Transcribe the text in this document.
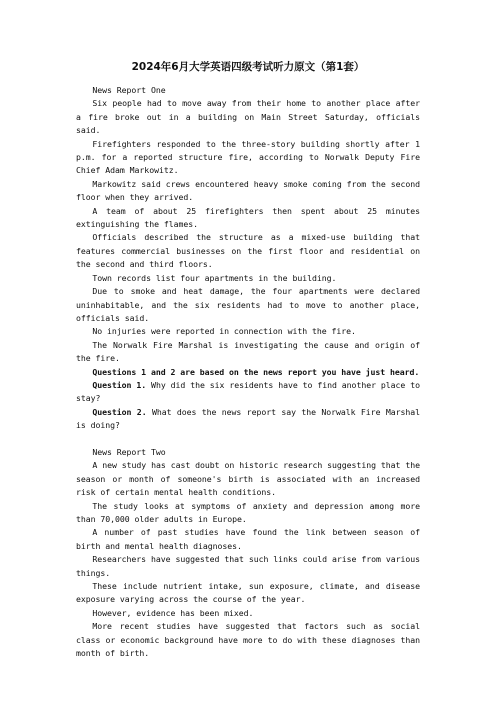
2024年6月大学英语四级考试听力原文（第1套）

News Report One

Six people had to move away from their home to another place after a fire broke out in a building on Main Street Saturday, officials said.

Firefighters responded to the three-story building shortly after 1 p.m. for a reported structure fire, according to Norwalk Deputy Fire Chief Adam Markowitz.

Markowitz said crews encountered heavy smoke coming from the second floor when they arrived.

A team of about 25 firefighters then spent about 25 minutes extinguishing the flames.

Officials described the structure as a mixed-use building that features commercial businesses on the first floor and residential on the second and third floors.

Town records list four apartments in the building.

Due to smoke and heat damage, the four apartments were declared uninhabitable, and the six residents had to move to another place, officials said.

No injuries were reported in connection with the fire.

The Norwalk Fire Marshal is investigating the cause and origin of the fire.

Questions 1 and 2 are based on the news report you have just heard.

Question 1. Why did the six residents have to find another place to stay?

Question 2. What does the news report say the Norwalk Fire Marshal is doing?

News Report Two

A new study has cast doubt on historic research suggesting that the season or month of someone's birth is associated with an increased risk of certain mental health conditions.

The study looks at symptoms of anxiety and depression among more than 70,000 older adults in Europe.

A number of past studies have found the link between season of birth and mental health diagnoses.

Researchers have suggested that such links could arise from various things.

These include nutrient intake, sun exposure, climate, and disease exposure varying across the course of the year.

However, evidence has been mixed.

More recent studies have suggested that factors such as social class or economic background have more to do with these diagnoses than month of birth.
